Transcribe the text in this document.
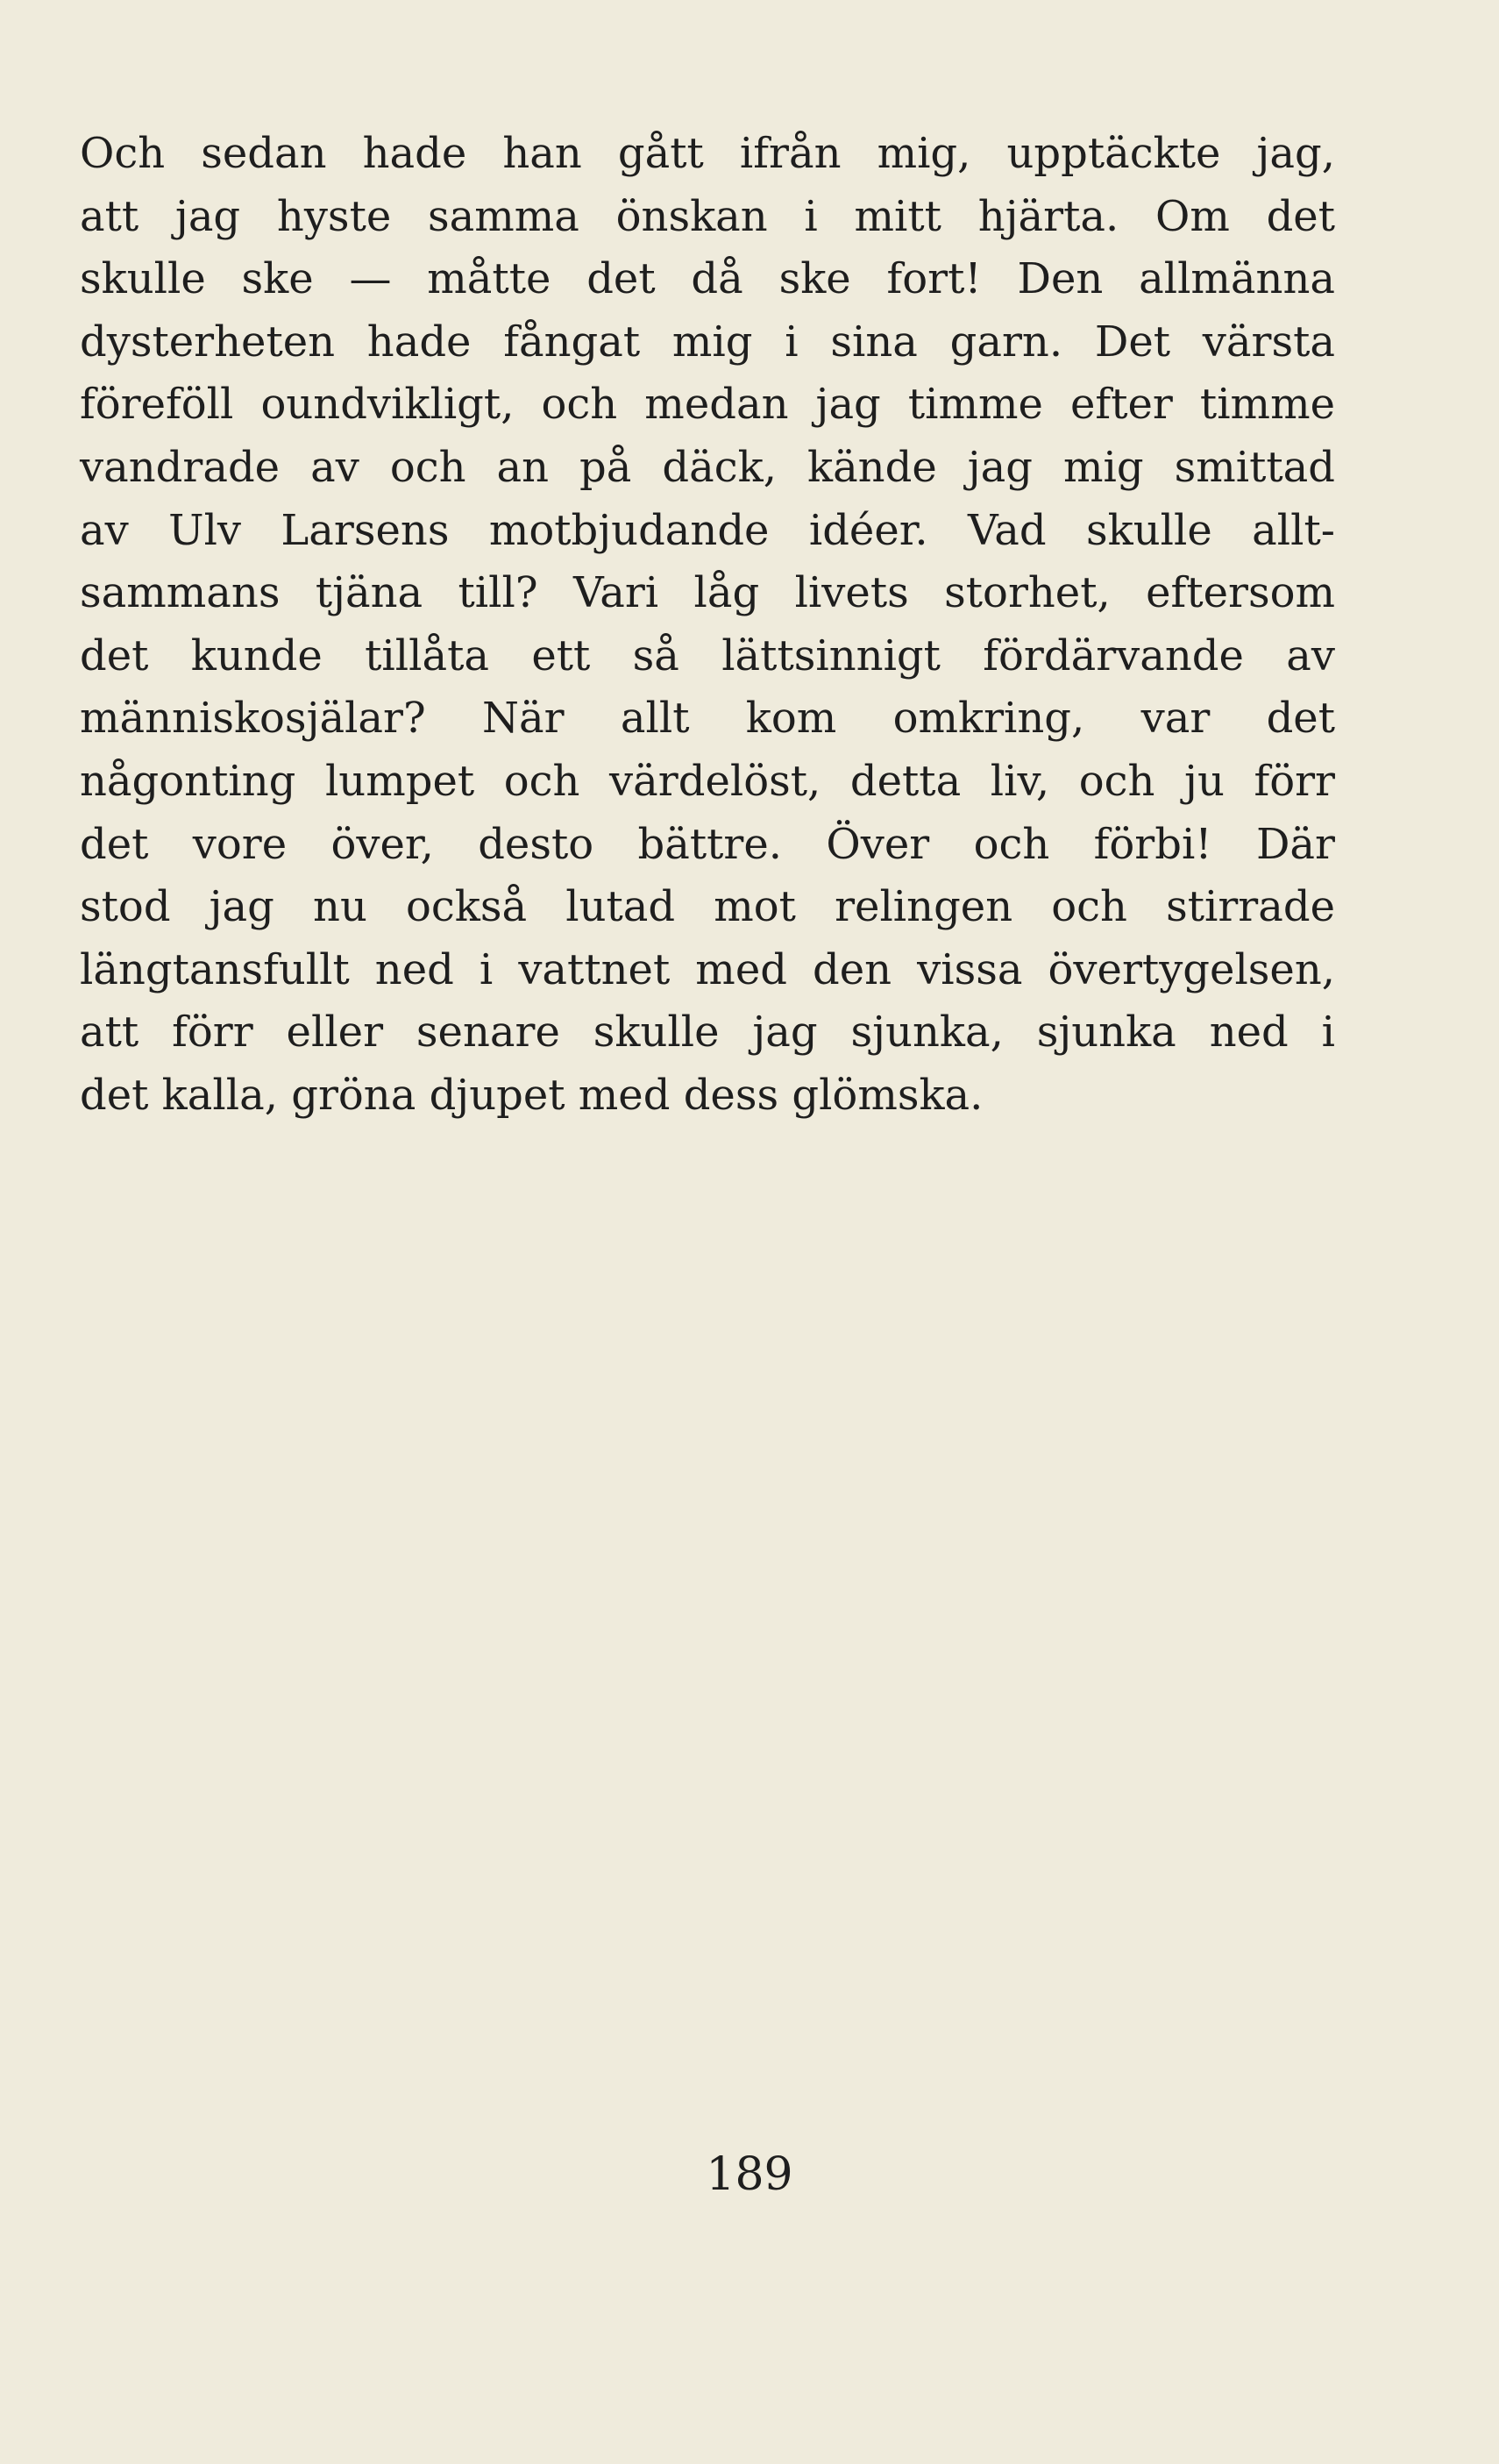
Och sedan hade han gått ifrån mig, upptäckte jag,
att jag hyste samma önskan i mitt hjärta. Om det
skulle ske — måtte det då ske fort! Den allmänna
dysterheten hade fångat mig i sina garn. Det värsta
föreföll oundvikligt, och medan jag timme efter timme
vandrade av och an på däck, kände jag mig smittad
av Ulv Larsens motbjudande idéer. Vad skulle allt-
sammans tjäna till? Vari låg livets storhet, eftersom
det kunde tillåta ett så lättsinnigt fördärvande av
människosjälar? När allt kom omkring, var det
någonting lumpet och värdelöst, detta liv, och ju förr
det vore över, desto bättre. Över och förbi! Där
stod jag nu också lutad mot relingen och stirrade
längtansfullt ned i vattnet med den vissa övertygelsen,
att förr eller senare skulle jag sjunka, sjunka ned i
det kalla, gröna djupet med dess glömska.
189
